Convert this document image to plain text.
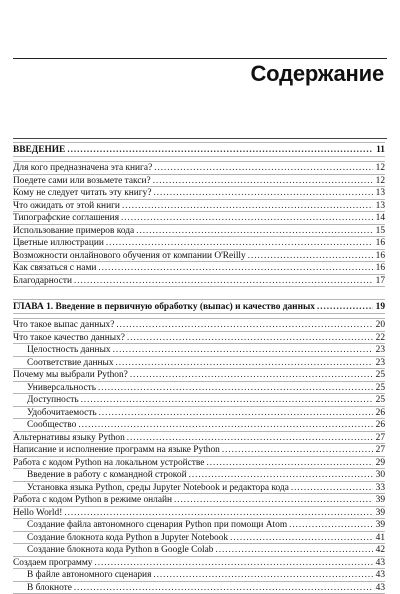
Содержание
ВВЕДЕНИЕ .....	11
Для кого предназначена эта книга? .....	12
Поедете сами или возьмете такси? .....	12
Кому не следует читать эту книгу? .....	13
Что ожидать от этой книги .....	13
Типографские соглашения .....	14
Использование примеров кода .....	15
Цветные иллюстрации .....	16
Возможности онлайнового обучения от компании O'Reilly .....	16
Как связаться с нами .....	16
Благодарности .....	17
ГЛАВА 1. Введение в первичную обработку (выпас) и качество данных .....	19
Что такое выпас данных? .....	20
Что такое качество данных? .....	22
Целостность данных .....	23
Соответствие данных .....	23
Почему мы выбрали Python? .....	25
Универсальность .....	25
Доступность .....	25
Удобочитаемость .....	26
Сообщество .....	26
Альтернативы языку Python .....	27
Написание и исполнение программ на языке Python .....	27
Работа с кодом Python на локальном устройстве .....	29
Введение в работу с командной строкой .....	30
Установка языка Python, среды Jupyter Notebook и редактора кода .....	33
Работа с кодом Python в режиме онлайн .....	39
Hello World! .....	39
Создание файла автономного сценария Python при помощи Atom .....	39
Создание блокнота кода Python в Jupyter Notebook .....	41
Создание блокнота кода Python в Google Colab .....	42
Создаем программу .....	43
В файле автономного сценария .....	43
В блокноте .....	43
